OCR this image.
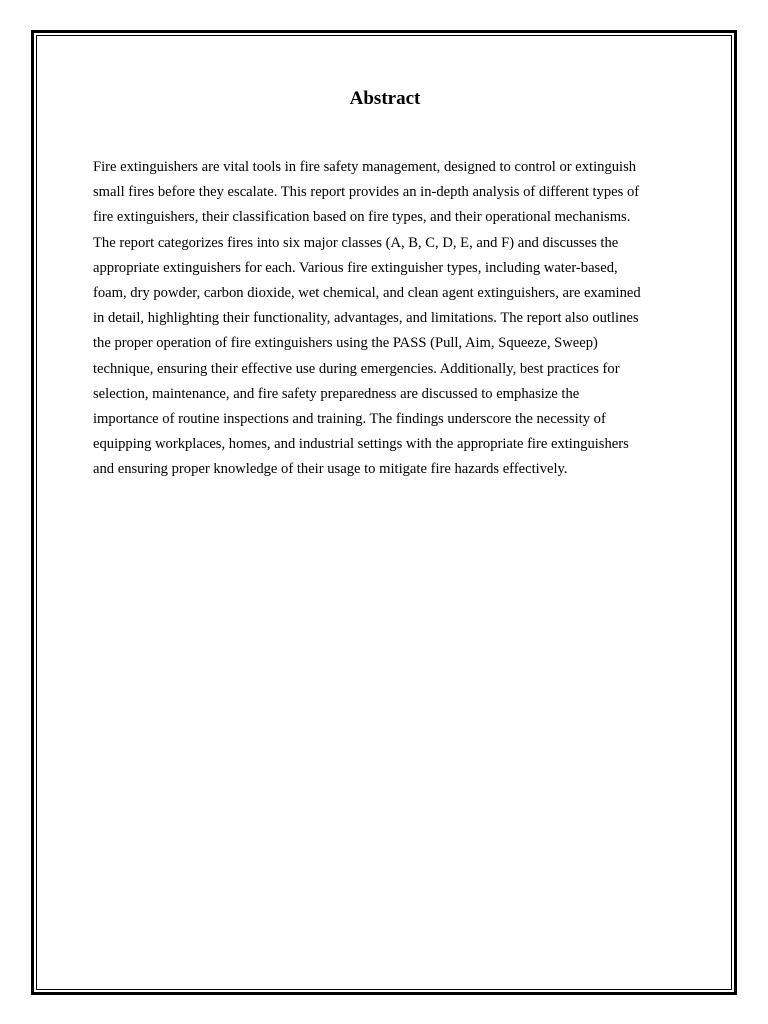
Abstract

Fire extinguishers are vital tools in fire safety management, designed to control or extinguish
small fires before they escalate. This report provides an in-depth analysis of different types of
fire extinguishers, their classification based on fire types, and their operational mechanisms.
The report categorizes fires into six major classes (A, B, C, D, E, and F) and discusses the
appropriate extinguishers for each. Various fire extinguisher types, including water-based,
foam, dry powder, carbon dioxide, wet chemical, and clean agent extinguishers, are examined
in detail, highlighting their functionality, advantages, and limitations. The report also outlines
the proper operation of fire extinguishers using the PASS (Pull, Aim, Squeeze, Sweep)
technique, ensuring their effective use during emergencies. Additionally, best practices for
selection, maintenance, and fire safety preparedness are discussed to emphasize the
importance of routine inspections and training. The findings underscore the necessity of
equipping workplaces, homes, and industrial settings with the appropriate fire extinguishers
and ensuring proper knowledge of their usage to mitigate fire hazards effectively.
